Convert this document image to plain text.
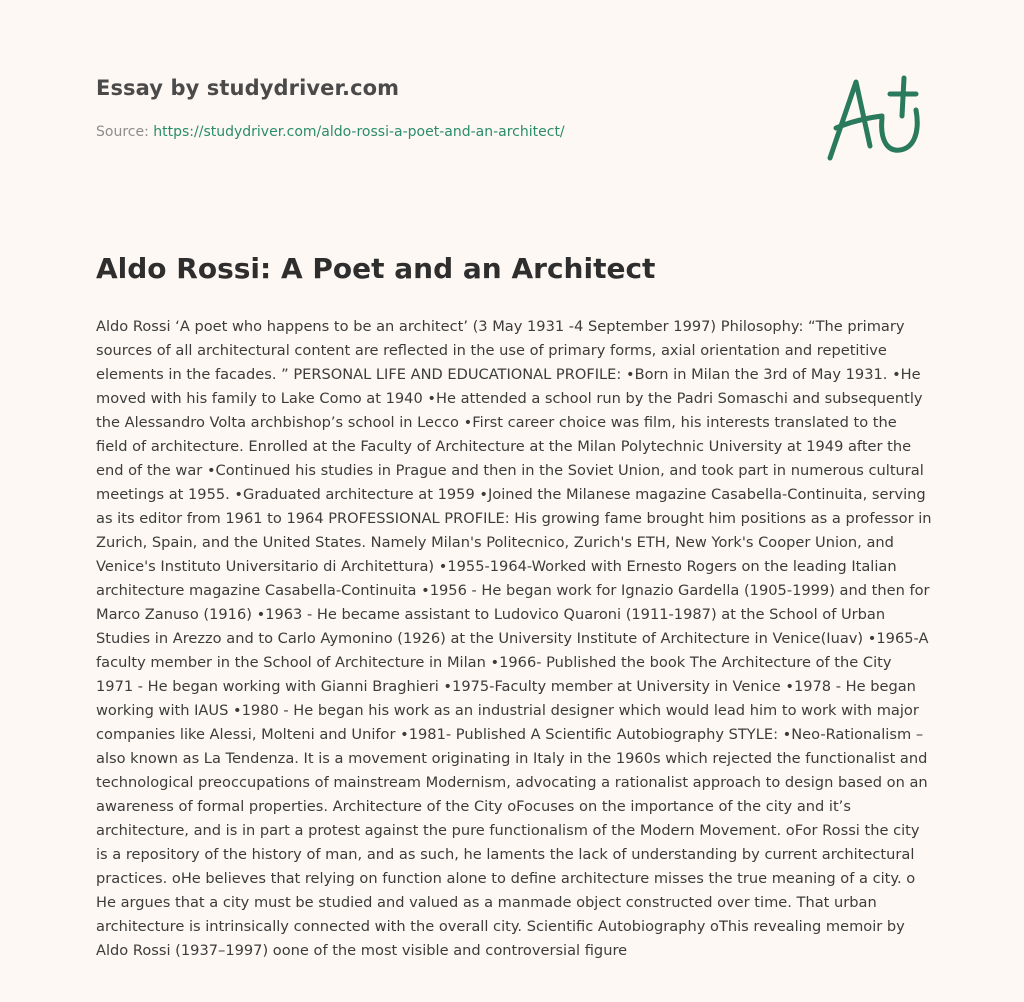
Essay by studydriver.com
Source: https://studydriver.com/aldo-rossi-a-poet-and-an-architect/
Aldo Rossi: A Poet and an Architect

Aldo Rossi ‘A poet who happens to be an architect’ (3 May 1931 -4 September 1997) Philosophy: “The primary sources of all architectural content are reflected in the use of primary forms, axial orientation and repetitive elements in the facades. ” PERSONAL LIFE AND EDUCATIONAL PROFILE: •Born in Milan the 3rd of May 1931. •He moved with his family to Lake Como at 1940 •He attended a school run by the Padri Somaschi and subsequently the Alessandro Volta archbishop’s school in Lecco •First career choice was film, his interests translated to the field of architecture. Enrolled at the Faculty of Architecture at the Milan Polytechnic University at 1949 after the end of the war •Continued his studies in Prague and then in the Soviet Union, and took part in numerous cultural meetings at 1955. •Graduated architecture at 1959 •Joined the Milanese magazine Casabella-Continuita, serving as its editor from 1961 to 1964 PROFESSIONAL PROFILE: His growing fame brought him positions as a professor in Zurich, Spain, and the United States. Namely Milan's Politecnico, Zurich's ETH, New York's Cooper Union, and Venice's Instituto Universitario di Architettura) •1955-1964-Worked with Ernesto Rogers on the leading Italian architecture magazine Casabella-Continuita •1956 - He began work for Ignazio Gardella (1905-1999) and then for Marco Zanuso (1916) •1963 - He became assistant to Ludovico Quaroni (1911-1987) at the School of Urban Studies in Arezzo and to Carlo Aymonino (1926) at the University Institute of Architecture in Venice(Iuav) •1965-A faculty member in the School of Architecture in Milan •1966- Published the book The Architecture of the City 1971 - He began working with Gianni Braghieri •1975-Faculty member at University in Venice •1978 - He began working with IAUS •1980 - He began his work as an industrial designer which would lead him to work with major companies like Alessi, Molteni and Unifor •1981- Published A Scientific Autobiography STYLE: •Neo-Rationalism – also known as La Tendenza. It is a movement originating in Italy in the 1960s which rejected the functionalist and technological preoccupations of mainstream Modernism, advocating a rationalist approach to design based on an awareness of formal properties. Architecture of the City oFocuses on the importance of the city and it’s architecture, and is in part a protest against the pure functionalism of the Modern Movement. oFor Rossi the city is a repository of the history of man, and as such, he laments the lack of understanding by current architectural practices. oHe believes that relying on function alone to define architecture misses the true meaning of a city. o He argues that a city must be studied and valued as a manmade object constructed over time. That urban architecture is intrinsically connected with the overall city. Scientific Autobiography oThis revealing memoir by Aldo Rossi (1937–1997) oone of the most visible and controversial figure
